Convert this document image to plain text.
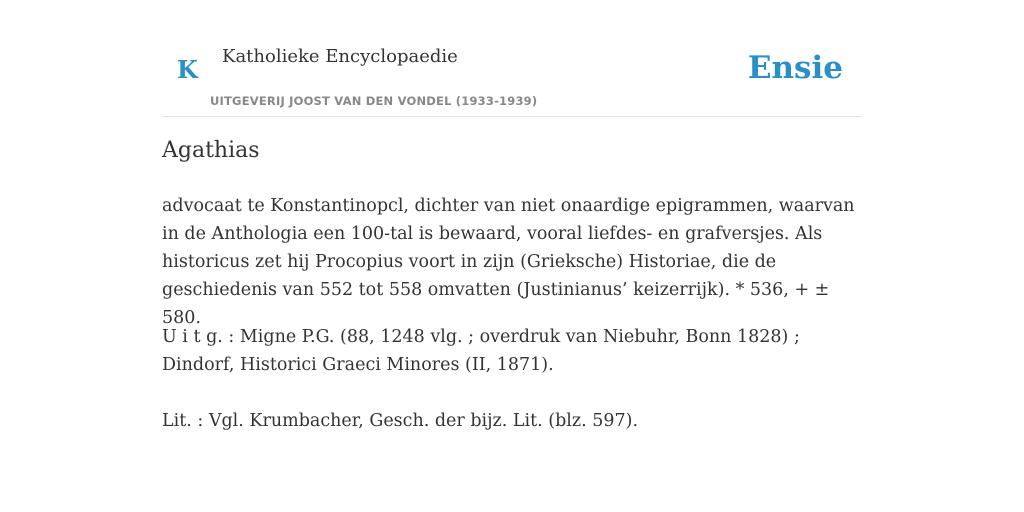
K Katholieke Encyclopaedie
UITGEVERIJ JOOST VAN DEN VONDEL (1933-1939)
Ensie
Agathias

advocaat te Konstantinopcl, dichter van niet onaardige epigrammen, waarvan in de Anthologia een 100-tal is bewaard, vooral liefdes- en grafversjes. Als historicus zet hij Procopius voort in zijn (Grieksche) Historiae, die de geschiedenis van 552 tot 558 omvatten (Justinianus’ keizerrijk). * 536, + ± 580.

U i t g. : Migne P.G. (88, 1248 vlg. ; overdruk van Niebuhr, Bonn 1828) ; Dindorf, Historici Graeci Minores (II, 1871).

Lit. : Vgl. Krumbacher, Gesch. der bijz. Lit. (blz. 597).
